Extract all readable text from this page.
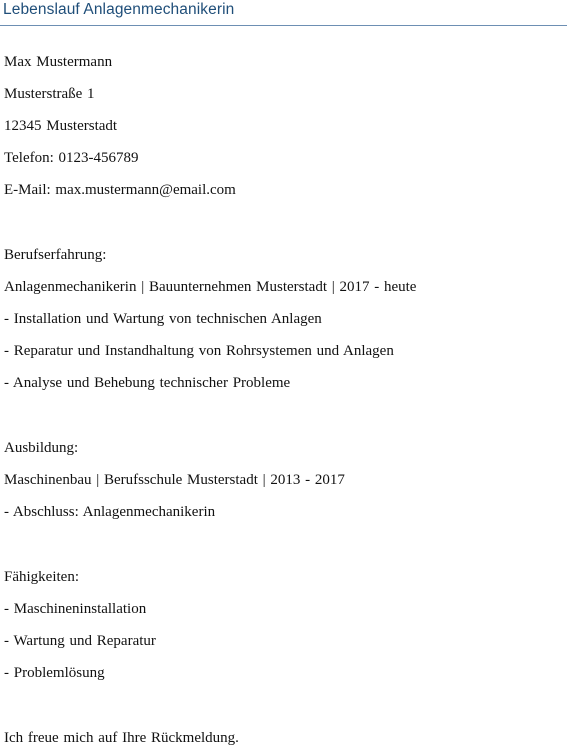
Lebenslauf Anlagenmechanikerin
Max Mustermann
Musterstraße 1
12345 Musterstadt
Telefon: 0123-456789
E-Mail: max.mustermann@email.com
Berufserfahrung:
Anlagenmechanikerin | Bauunternehmen Musterstadt | 2017 - heute
- Installation und Wartung von technischen Anlagen
- Reparatur und Instandhaltung von Rohrsystemen und Anlagen
- Analyse und Behebung technischer Probleme
Ausbildung:
Maschinenbau | Berufsschule Musterstadt | 2013 - 2017
- Abschluss: Anlagenmechanikerin
Fähigkeiten:
- Maschineninstallation
- Wartung und Reparatur
- Problemlösung
Ich freue mich auf Ihre Rückmeldung.
